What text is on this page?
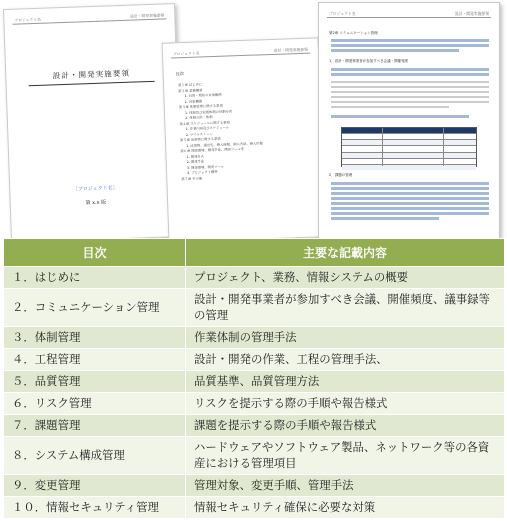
プロジェクト名
設計・開発実施要領
設計・開発実施要領
［プロジェクト名］
第 x.x 版
プロジェクト名
設計・開発実施要領
目次
第１章 はじめに
第２章 業務概要
1. 目的・現状の対象範囲
2. 対象機器
第３章 体制管理に関する事項
1. 体制及び実施体制の役割分担
2. 体制の図・体制
第４章 スケジュールに関する事項
1. 作業内容及びスケジュール
2. マイルストーン
第５章 成果物に関する事項
1. 成果物、提出先、納入時期、納入方法、納入形態
第６章 開発環境、開発手法、開発ツール等
1. 開発方式
2. 開発手法
3. 開発環境、開発ツール
4. プロジェクト標準
第７章 その他
プロジェクト名	設計・開発実施要領
第2章 コミュニケーション管理
1．設計・開発事業者が参加すべき会議・開催頻度
2．課題の管理
目次	主要な記載内容
１．はじめに	プロジェクト、業務、情報システムの概要
２．コミュニケーション管理	設計・開発事業者が参加すべき会議、開催頻度、議事録等の管理
３．体制管理	作業体制の管理手法
４．工程管理	設計・開発の作業、工程の管理手法、
５．品質管理	品質基準、品質管理方法
６．リスク管理	リスクを提示する際の手順や報告様式
７．課題管理	課題を提示する際の手順や報告様式
８．システム構成管理	ハードウェアやソフトウェア製品、ネットワーク等の各資産における管理項目
９．変更管理	管理対象、変更手順、管理手法
１０．情報セキュリティ管理	情報セキュリティ確保に必要な対策
